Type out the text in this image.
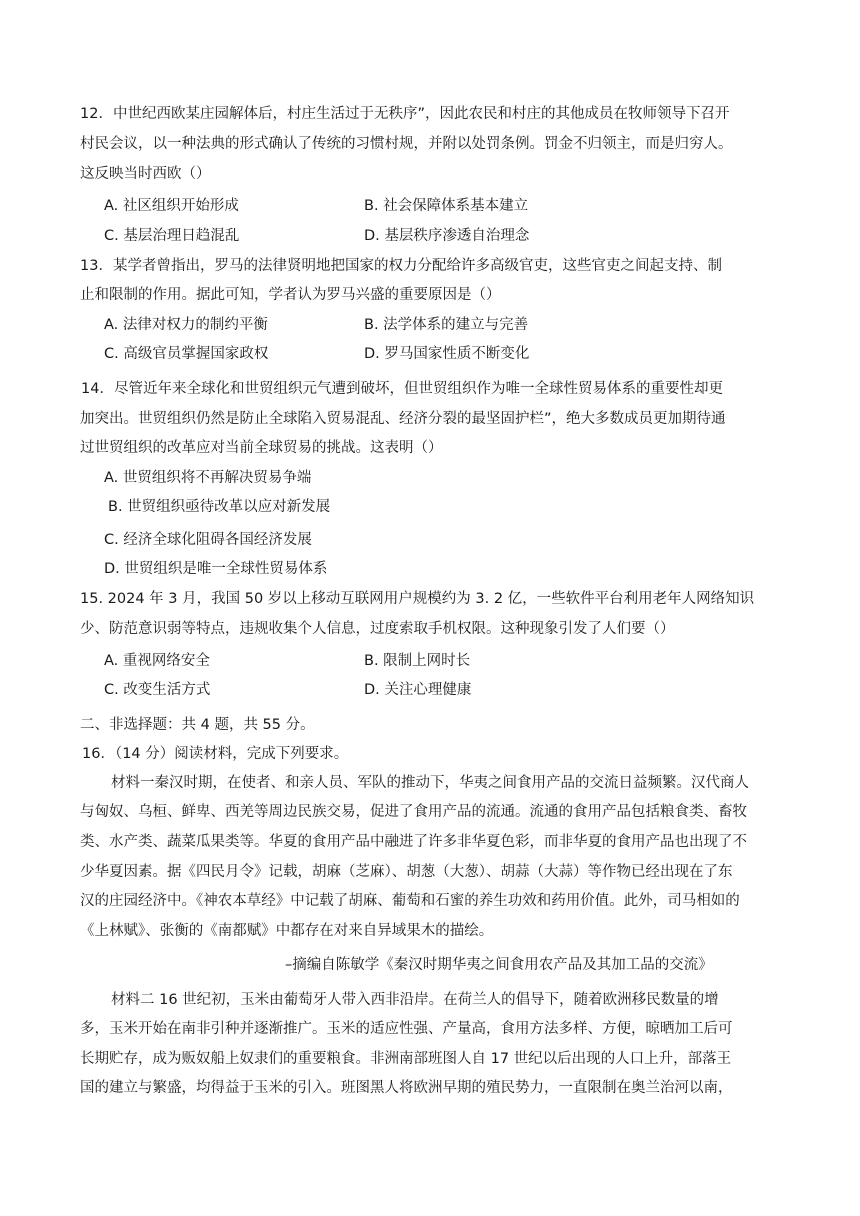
12．中世纪西欧某庄园解体后，村庄生活过于无秩序”，因此农民和村庄的其他成员在牧师领导下召开
村民会议，以一种法典的形式确认了传统的习惯村规，并附以处罚条例。罚金不归领主，而是归穷人。
这反映当时西欧（）
A. 社区组织开始形成	B. 社会保障体系基本建立
C. 基层治理日趋混乱	D. 基层秩序渗透自治理念
13．某学者曾指出，罗马的法律贤明地把国家的权力分配给许多高级官吏，这些官吏之间起支持、制
止和限制的作用。据此可知，学者认为罗马兴盛的重要原因是（）
A. 法律对权力的制约平衡	B. 法学体系的建立与完善
C. 高级官员掌握国家政权	D. 罗马国家性质不断变化
14．尽管近年来全球化和世贸组织元气遭到破坏，但世贸组织作为唯一全球性贸易体系的重要性却更
加突出。世贸组织仍然是防止全球陷入贸易混乱、经济分裂的最坚固护栏”，绝大多数成员更加期待通
过世贸组织的改革应对当前全球贸易的挑战。这表明（）
A. 世贸组织将不再解决贸易争端
B. 世贸组织亟待改革以应对新发展
C. 经济全球化阻碍各国经济发展
D. 世贸组织是唯一全球性贸易体系
15. 2024 年 3 月，我国 50 岁以上移动互联网用户规模约为 3. 2 亿，一些软件平台利用老年人网络知识
少、防范意识弱等特点，违规收集个人信息，过度索取手机权限。这种现象引发了人们要（）
A. 重视网络安全	B. 限制上网时长
C. 改变生活方式	D. 关注心理健康
二、非选择题：共 4 题，共 55 分。
16．（14 分）阅读材料，完成下列要求。
材料一秦汉时期，在使者、和亲人员、军队的推动下，华夷之间食用产品的交流日益频繁。汉代商人
与匈奴、乌桓、鲜卑、西羌等周边民族交易，促进了食用产品的流通。流通的食用产品包括粮食类、畜牧
类、水产类、蔬菜瓜果类等。华夏的食用产品中融进了许多非华夏色彩，而非华夏的食用产品也出现了不
少华夏因素。据《四民月令》记载，胡麻（芝麻）、胡葱（大葱）、胡蒜（大蒜）等作物已经出现在了东
汉的庄园经济中。《神农本草经》中记载了胡麻、葡萄和石蜜的养生功效和药用价值。此外，司马相如的
《上林赋》、张衡的《南都赋》中都存在对来自异域果木的描绘。
–摘编自陈敏学《秦汉时期华夷之间食用农产品及其加工品的交流》
材料二 16 世纪初，玉米由葡萄牙人带入西非沿岸。在荷兰人的倡导下，随着欧洲移民数量的增
多，玉米开始在南非引种并逐渐推广。玉米的适应性强、产量高，食用方法多样、方便，晾晒加工后可
长期贮存，成为贩奴船上奴隶们的重要粮食。非洲南部班图人自 17 世纪以后出现的人口上升，部落王
国的建立与繁盛，均得益于玉米的引入。班图黑人将欧洲早期的殖民势力，一直限制在奥兰治河以南，
